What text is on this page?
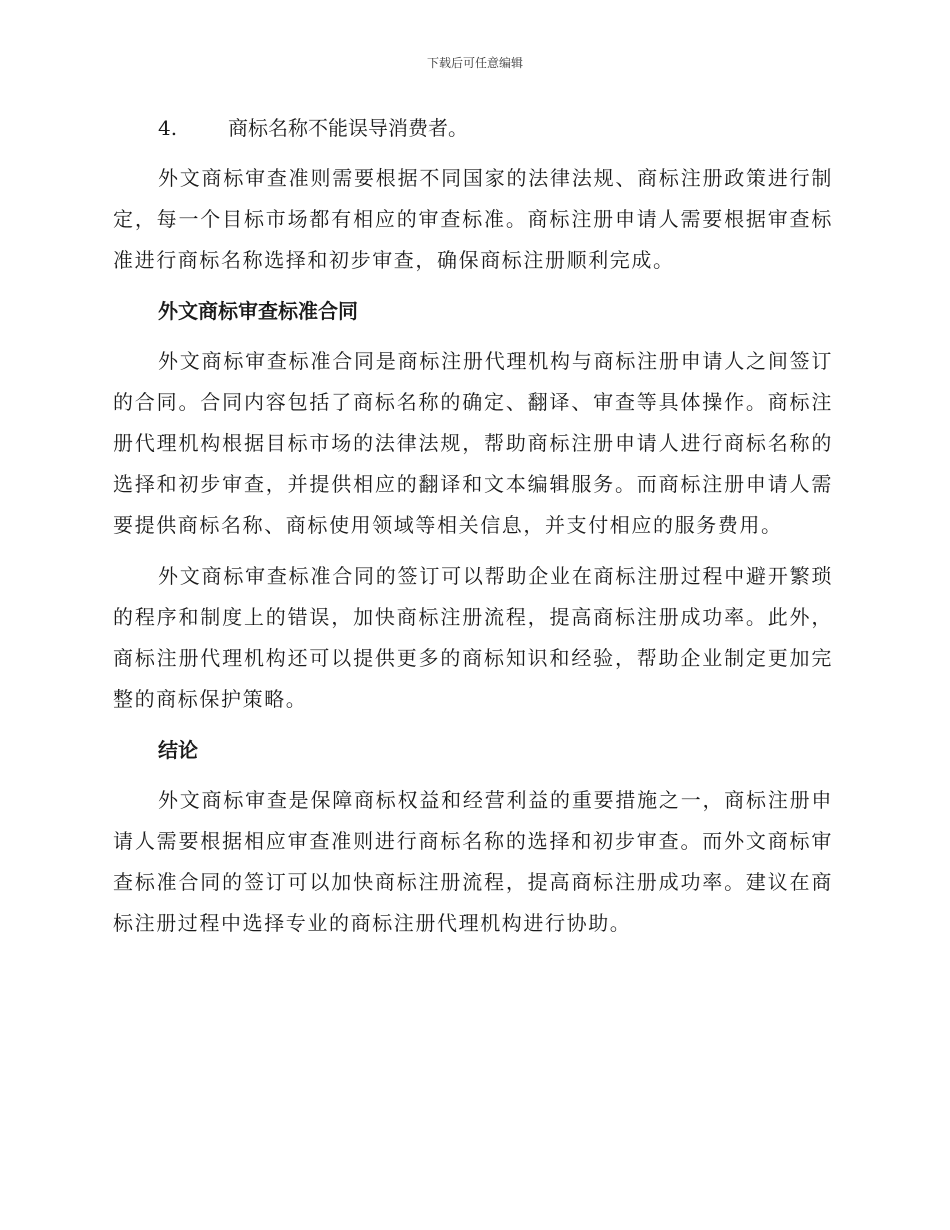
下载后可任意编辑
4.	商标名称不能误导消费者。

外文商标审查准则需要根据不同国家的法律法规、商标注册政策进行制定，每一个目标市场都有相应的审查标准。商标注册申请人需要根据审查标准进行商标名称选择和初步审查，确保商标注册顺利完成。

外文商标审查标准合同

外文商标审查标准合同是商标注册代理机构与商标注册申请人之间签订的合同。合同内容包括了商标名称的确定、翻译、审查等具体操作。商标注册代理机构根据目标市场的法律法规，帮助商标注册申请人进行商标名称的选择和初步审查，并提供相应的翻译和文本编辑服务。而商标注册申请人需要提供商标名称、商标使用领域等相关信息，并支付相应的服务费用。

外文商标审查标准合同的签订可以帮助企业在商标注册过程中避开繁琐的程序和制度上的错误，加快商标注册流程，提高商标注册成功率。此外，商标注册代理机构还可以提供更多的商标知识和经验，帮助企业制定更加完整的商标保护策略。

结论

外文商标审查是保障商标权益和经营利益的重要措施之一，商标注册申请人需要根据相应审查准则进行商标名称的选择和初步审查。而外文商标审查标准合同的签订可以加快商标注册流程，提高商标注册成功率。建议在商标注册过程中选择专业的商标注册代理机构进行协助。
